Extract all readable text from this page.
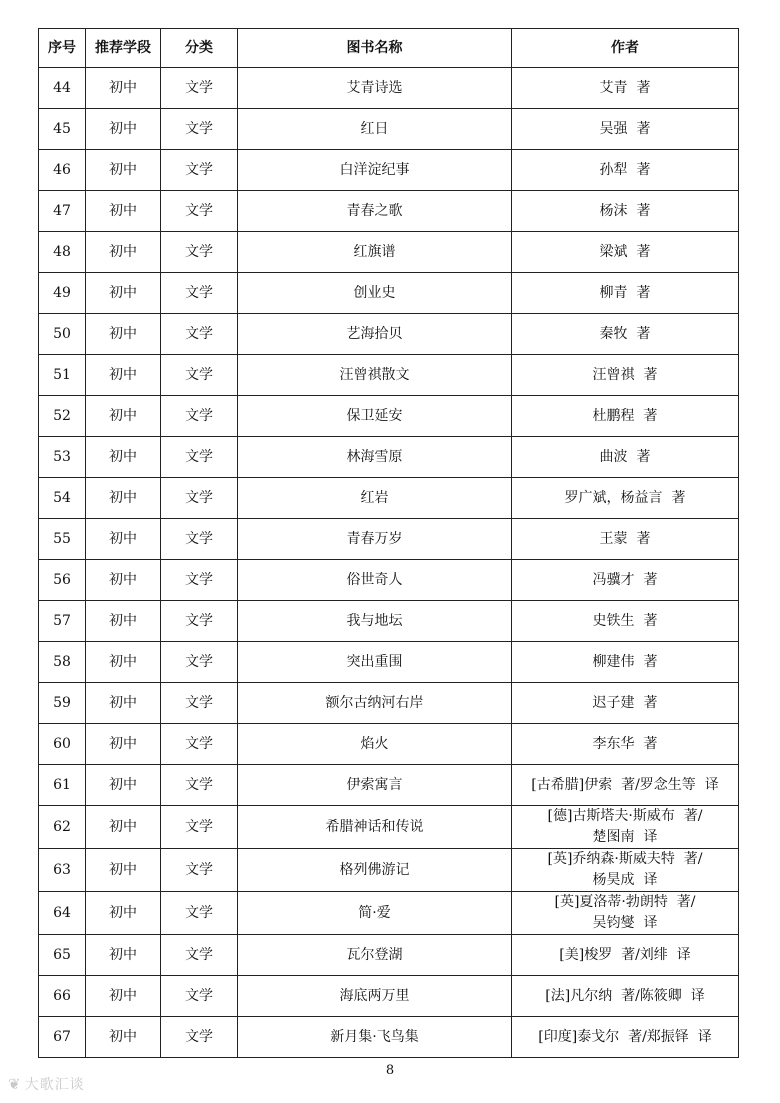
序号	推荐学段	分类	图书名称	作者
44	初中	文学	艾青诗选	艾青  著
45	初中	文学	红日	吴强  著
46	初中	文学	白洋淀纪事	孙犁  著
47	初中	文学	青春之歌	杨沫  著
48	初中	文学	红旗谱	梁斌  著
49	初中	文学	创业史	柳青  著
50	初中	文学	艺海拾贝	秦牧  著
51	初中	文学	汪曾祺散文	汪曾祺  著
52	初中	文学	保卫延安	杜鹏程  著
53	初中	文学	林海雪原	曲波  著
54	初中	文学	红岩	罗广斌，杨益言  著
55	初中	文学	青春万岁	王蒙  著
56	初中	文学	俗世奇人	冯骥才  著
57	初中	文学	我与地坛	史铁生  著
58	初中	文学	突出重围	柳建伟  著
59	初中	文学	额尔古纳河右岸	迟子建  著
60	初中	文学	焰火	李东华  著
61	初中	文学	伊索寓言	[古希腊]伊索  著/罗念生等  译
62	初中	文学	希腊神话和传说	[德]古斯塔夫·斯威布  著/
楚图南  译
63	初中	文学	格列佛游记	[英]乔纳森·斯威夫特  著/
杨昊成  译
64	初中	文学	简·爱	[英]夏洛蒂·勃朗特  著/
吴钧燮  译
65	初中	文学	瓦尔登湖	[美]梭罗  著/刘绯  译
66	初中	文学	海底两万里	[法]凡尔纳  著/陈筱卿  译
67	初中	文学	新月集·飞鸟集	[印度]泰戈尔  著/郑振铎  译
8
❦ 大歌汇谈
